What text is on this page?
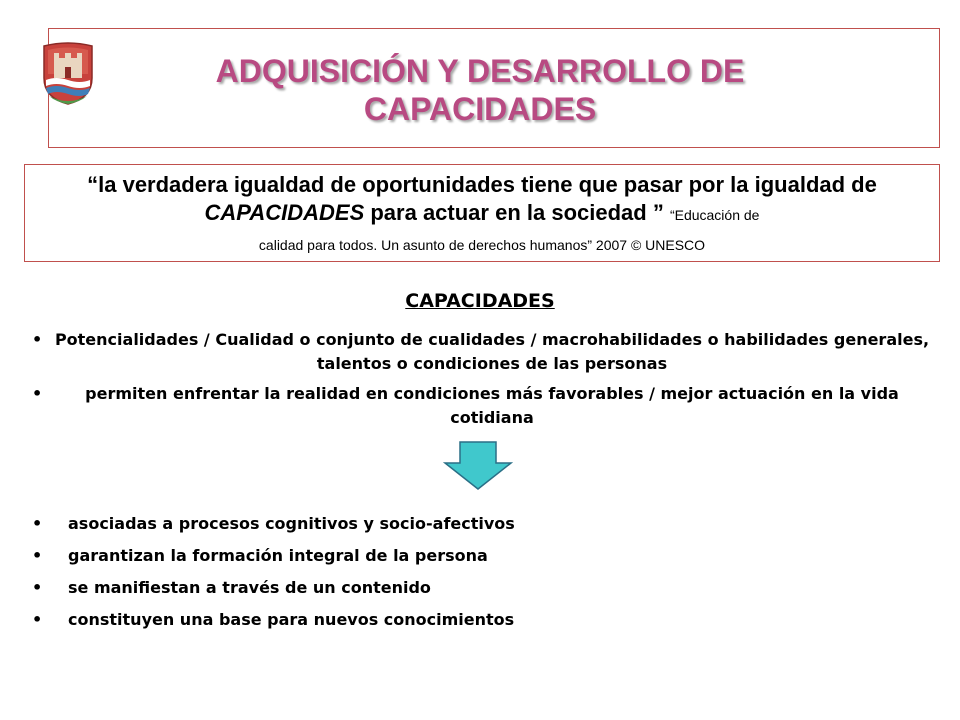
ADQUISICIÓN Y DESARROLLO DE
CAPACIDADES
“la verdadera igualdad de oportunidades tiene que pasar por la igualdad de CAPACIDADES para actuar en la sociedad ” “Educación de
calidad para todos. Un asunto de derechos humanos” 2007 © UNESCO
CAPACIDADES
• Potencialidades / Cualidad o conjunto de cualidades / macrohabilidades o habilidades generales, talentos o condiciones de las personas
•	permiten enfrentar la realidad en condiciones más favorables / mejor actuación en la vida cotidiana
• asociadas a procesos cognitivos y socio-afectivos
• garantizan la formación integral de la persona
• se manifiestan a través de un contenido
• constituyen una base para nuevos conocimientos
